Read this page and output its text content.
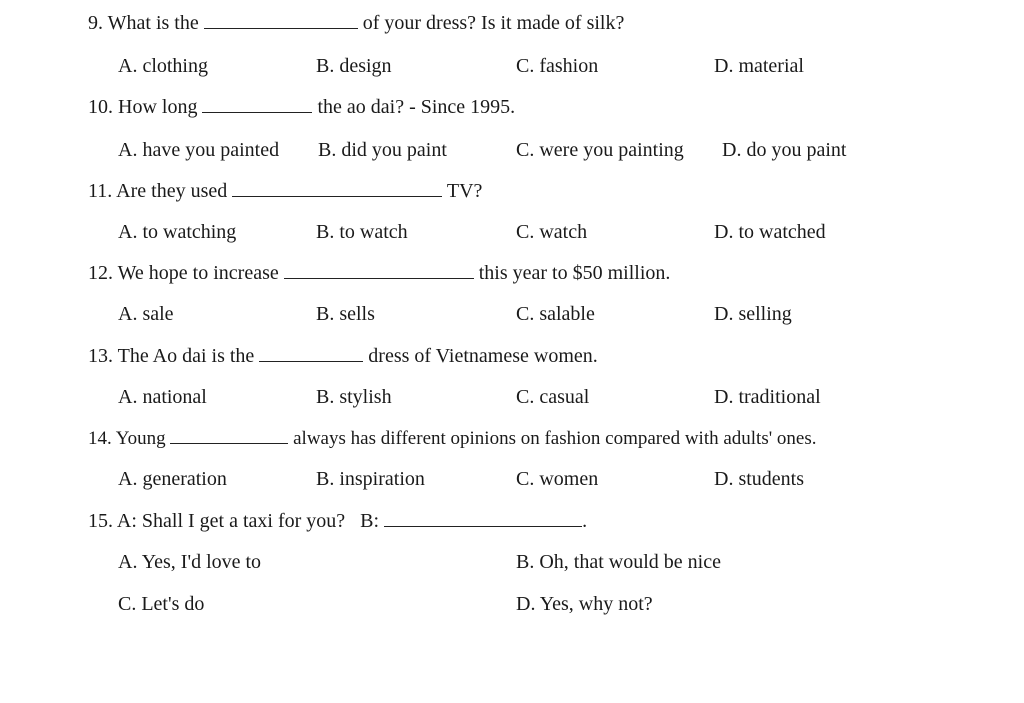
9. What is the	of your dress? Is it made of silk?
A. clothing	B. design	C. fashion	D. material
10. How long	the ao dai? - Since 1995.
A. have you painted B. did you paint	C. were you painting D. do you paint
11. Are they used	TV?
A. to watching	B. to watch	C. watch	D. to watched
12. We hope to increase	this year to $50 million.
A. sale	B. sells	C. salable	D. selling
13. The Ao dai is the	dress of Vietnamese women.
A. national	B. stylish	C. casual	D. traditional
14. Young	always has different opinions on fashion compared with adults' ones.
A. generation	B. inspiration	C. women	D. students
15. A: Shall I get a taxi for you?   B:	.
A. Yes, I'd love to	B. Oh, that would be nice
C. Let's do	D. Yes, why not?
